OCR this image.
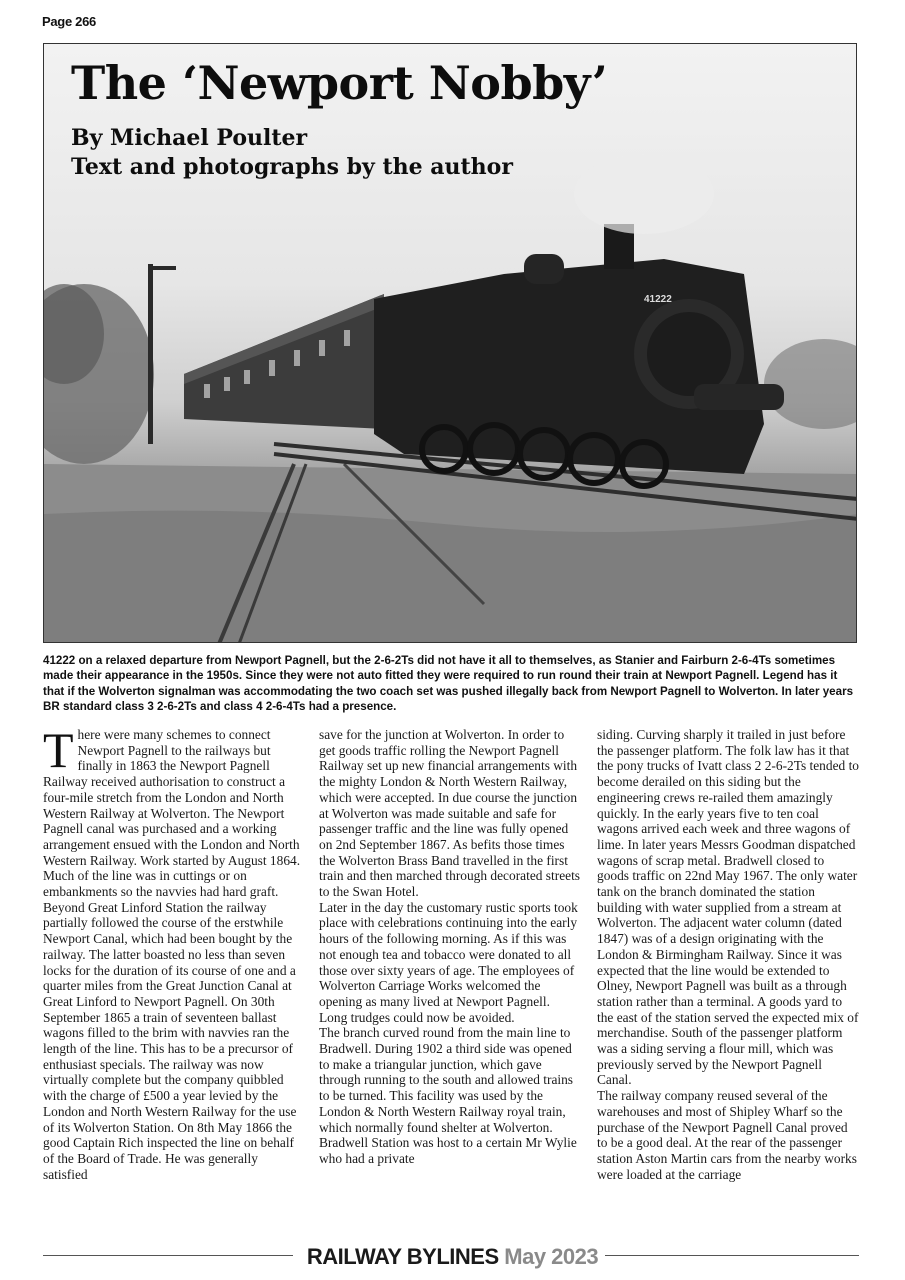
Page 266
41222
The ‘Newport Nobby’
By Michael Poulter
Text and photographs by the author

41222 on a relaxed departure from Newport Pagnell, but the 2-6-2Ts did not have it all to themselves, as Stanier and Fairburn 2-6-4Ts sometimes made their appearance in the 1950s. Since they were not auto fitted they were required to run round their train at Newport Pagnell. Legend has it that if the Wolverton signalman was accommodating the two coach set was pushed illegally back from Newport Pagnell to Wolverton. In later years BR standard class 3 2-6-2Ts and class 4 2-6-4Ts had a presence.

T here were many schemes to connect Newport Pagnell to the railways but finally in 1863 the Newport Pagnell Railway received authorisation to construct a four-mile stretch from the London and North Western Railway at Wolverton. The Newport Pagnell canal was purchased and a working arrangement ensued with the London and North Western Railway. Work started by August 1864. Much of the line was in cuttings or on embankments so the navvies had hard graft.

Beyond Great Linford Station the railway partially followed the course of the erstwhile Newport Canal, which had been bought by the railway. The latter boasted no less than seven locks for the duration of its course of one and a quarter miles from the Great Junction Canal at Great Linford to Newport Pagnell. On 30th September 1865 a train of seventeen ballast wagons filled to the brim with navvies ran the length of the line. This has to be a precursor of enthusiast specials. The railway was now virtually complete but the company quibbled with the charge of £500 a year levied by the London and North Western Railway for the use of its Wolverton Station. On 8th May 1866 the good Captain Rich inspected the line on behalf of the Board of Trade. He was generally satisfied

save for the junction at Wolverton. In order to get goods traffic rolling the Newport Pagnell Railway set up new financial arrangements with the mighty London & North Western Railway, which were accepted. In due course the junction at Wolverton was made suitable and safe for passenger traffic and the line was fully opened on 2nd September 1867. As befits those times the Wolverton Brass Band travelled in the first train and then marched through decorated streets to the Swan Hotel.

Later in the day the customary rustic sports took place with celebrations continuing into the early hours of the following morning. As if this was not enough tea and tobacco were donated to all those over sixty years of age. The employees of Wolverton Carriage Works welcomed the opening as many lived at Newport Pagnell. Long trudges could now be avoided.

The branch curved round from the main line to Bradwell. During 1902 a third side was opened to make a triangular junction, which gave through running to the south and allowed trains to be turned. This facility was used by the London & North Western Railway royal train, which normally found shelter at Wolverton. Bradwell Station was host to a certain Mr Wylie who had a private

siding. Curving sharply it trailed in just before the passenger platform. The folk law has it that the pony trucks of Ivatt class 2 2-6-2Ts tended to become derailed on this siding but the engineering crews re-railed them amazingly quickly. In the early years five to ten coal wagons arrived each week and three wagons of lime. In later years Messrs Goodman dispatched wagons of scrap metal. Bradwell closed to goods traffic on 22nd May 1967. The only water tank on the branch dominated the station building with water supplied from a stream at Wolverton. The adjacent water column (dated 1847) was of a design originating with the London & Birmingham Railway. Since it was expected that the line would be extended to Olney, Newport Pagnell was built as a through station rather than a terminal. A goods yard to the east of the station served the expected mix of merchandise. South of the passenger platform was a siding serving a flour mill, which was previously served by the Newport Pagnell Canal.

The railway company reused several of the warehouses and most of Shipley Wharf so the purchase of the Newport Pagnell Canal proved to be a good deal. At the rear of the passenger station Aston Martin cars from the nearby works were loaded at the carriage

RAILWAY BYLINES May 2023
